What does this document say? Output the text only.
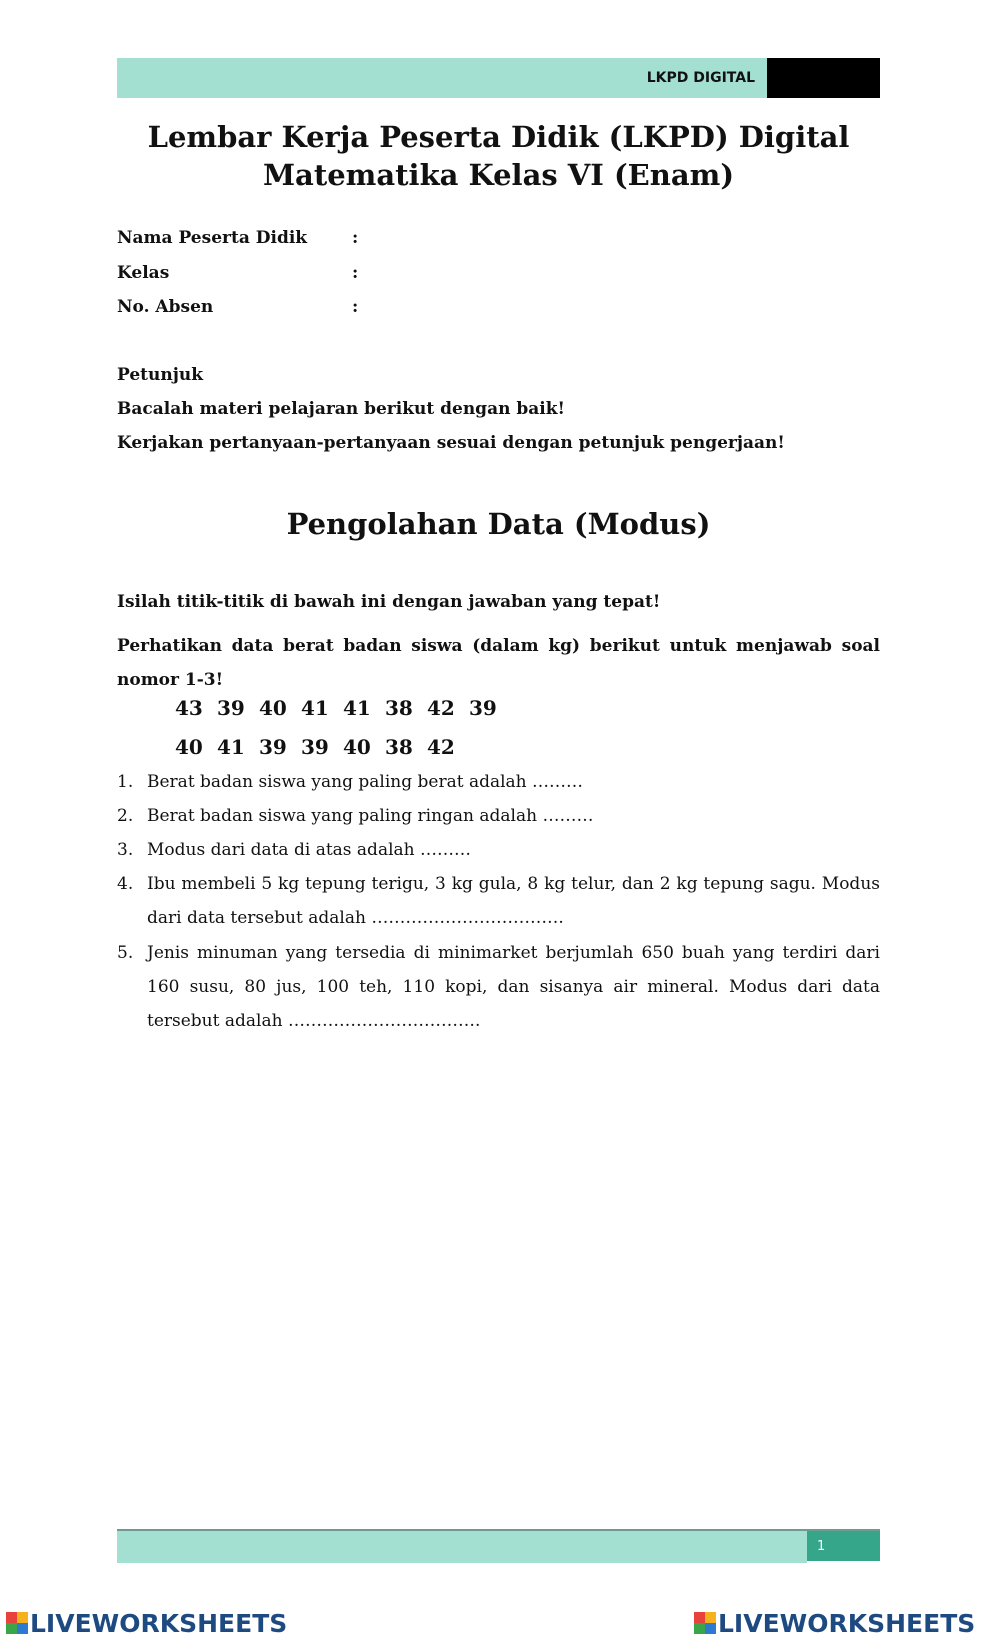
LKPD DIGITAL
Lembar Kerja Peserta Didik (LKPD) Digital
Matematika Kelas VI (Enam)
Nama Peserta Didik	:
Kelas	:
No. Absen	:
Petunjuk
Bacalah materi pelajaran berikut dengan baik!
Kerjakan pertanyaan-pertanyaan sesuai dengan petunjuk pengerjaan!
Pengolahan Data (Modus)
Isilah titik-titik di bawah ini dengan jawaban yang tepat!
Perhatikan data berat badan siswa (dalam kg) berikut untuk menjawab soal nomor 1-3!
43 39 40 41 41 38 42 39
40 41 39 39 40 38 42
1. Berat badan siswa yang paling berat adalah ………
2. Berat badan siswa yang paling ringan adalah ………
3. Modus dari data di atas adalah ………
4. Ibu membeli 5 kg tepung terigu, 3 kg gula, 8 kg telur, dan 2 kg tepung sagu. Modus dari data tersebut adalah …………………………….
5. Jenis minuman yang tersedia di minimarket berjumlah 650 buah yang terdiri dari 160 susu, 80 jus, 100 teh, 110 kopi, dan sisanya air mineral. Modus dari data tersebut adalah …………………………….
1
LIVEWORKSHEETS	LIVEWORKSHEETS
